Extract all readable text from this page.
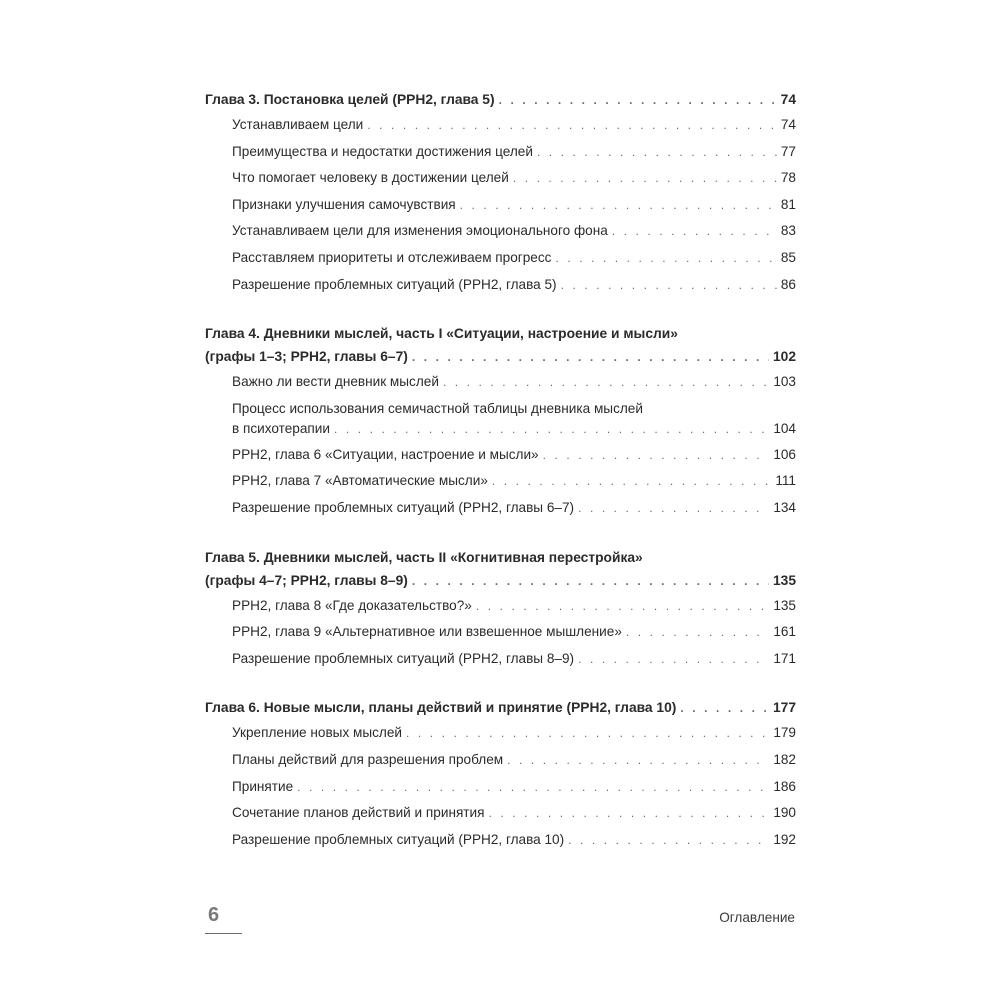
Глава 3. Постановка целей (РРН2, глава 5) . . .	74
Устанавливаем цели . . .	74
Преимущества и недостатки достижения целей . . .	77
Что помогает человеку в достижении целей . . .	78
Признаки улучшения самочувствия . . .	81
Устанавливаем цели для изменения эмоционального фона . . .	83
Расставляем приоритеты и отслеживаем прогресс . . .	85
Разрешение проблемных ситуаций (РРН2, глава 5) . . .	86
Глава 4. Дневники мыслей, часть I «Ситуации, настроение и мысли»
(графы 1–3; РРН2, главы 6–7) . . .	102
Важно ли вести дневник мыслей . . .	103
Процесс использования семичастной таблицы дневника мыслей
в психотерапии . . .	104
РРН2, глава 6 «Ситуации, настроение и мысли» . . .	106
РРН2, глава 7 «Автоматические мысли» . . .	111
Разрешение проблемных ситуаций (РРН2, главы 6–7) . . .	134
Глава 5. Дневники мыслей, часть II «Когнитивная перестройка»
(графы 4–7; РРН2, главы 8–9) . . .	135
РРН2, глава 8 «Где доказательство?» . . .	135
РРН2, глава 9 «Альтернативное или взвешенное мышление» . . .	161
Разрешение проблемных ситуаций (РРН2, главы 8–9) . . .	171
Глава 6. Новые мысли, планы действий и принятие (РРН2, глава 10) . . .	177
Укрепление новых мыслей . . .	179
Планы действий для разрешения проблем . . .	182
Принятие . . .	186
Сочетание планов действий и принятия . . .	190
Разрешение проблемных ситуаций (РРН2, глава 10) . . .	192
6	Оглавление
